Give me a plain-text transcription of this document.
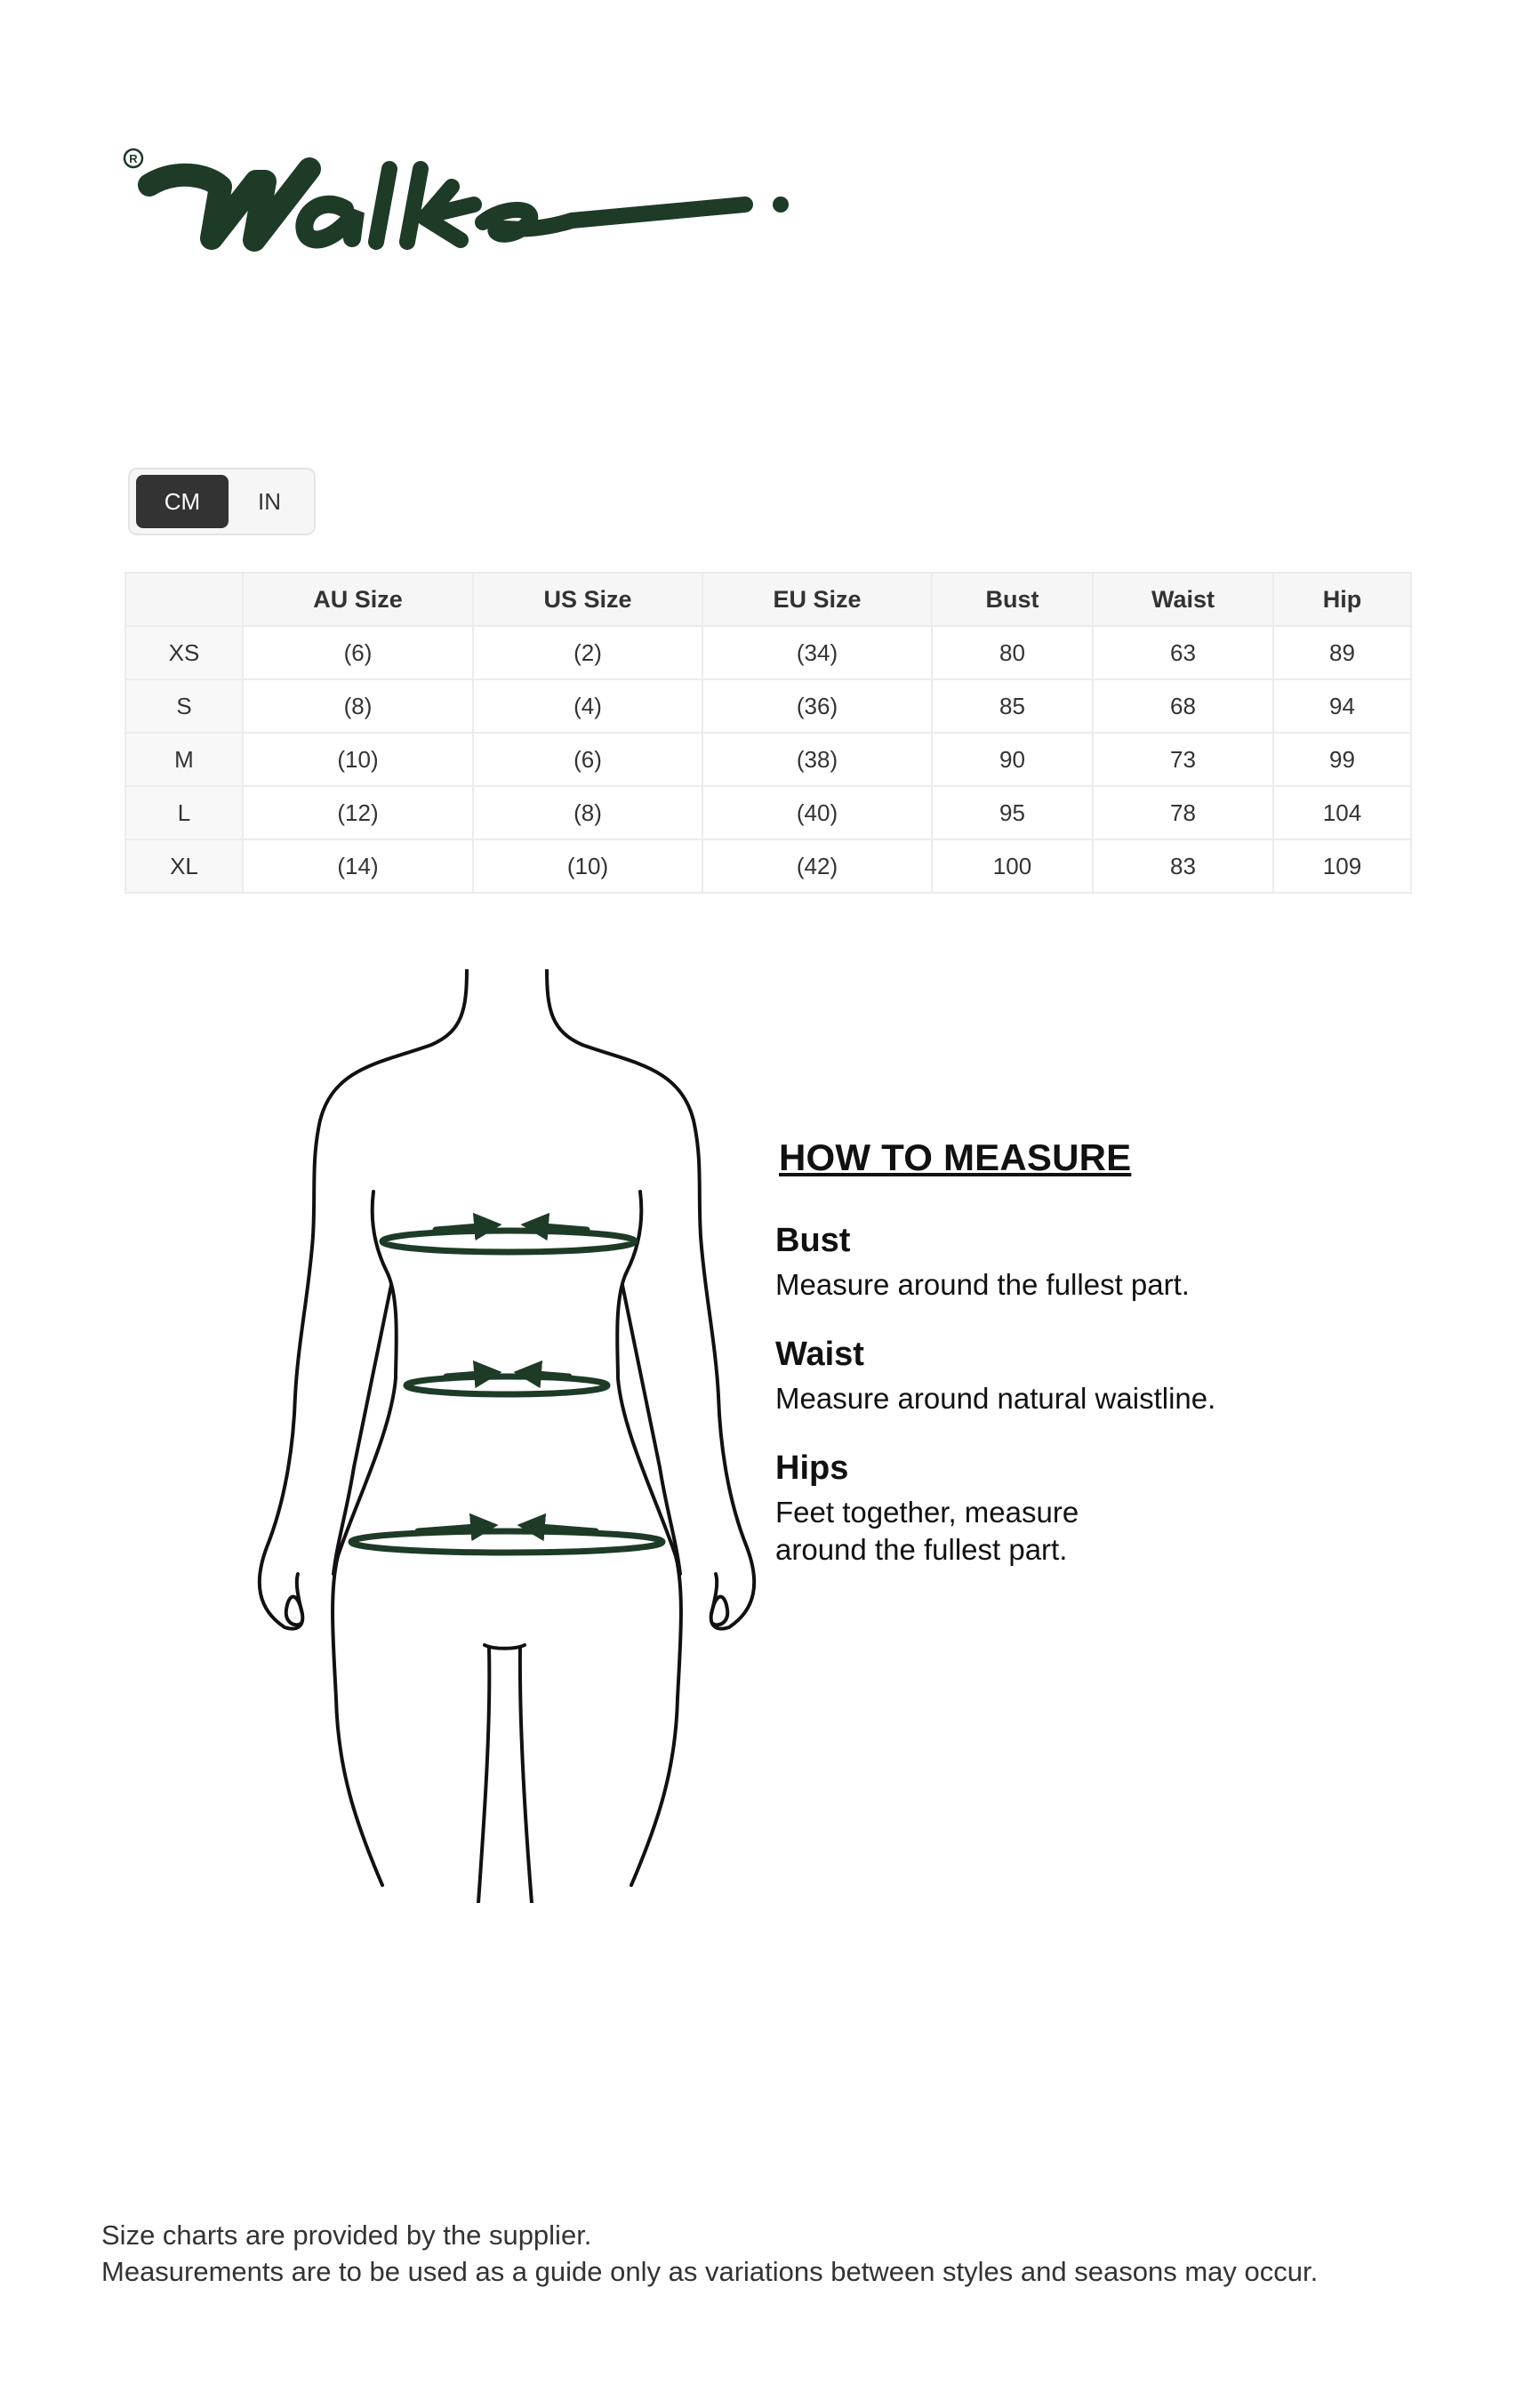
R
CM	IN
	AU Size	US Size	EU Size	Bust	Waist	Hip
XS	(6)	(2)	(34)	80	63	89
S	(8)	(4)	(36)	85	68	94
M	(10)	(6)	(38)	90	73	99
L	(12)	(8)	(40)	95	78	104
XL	(14)	(10)	(42)	100	83	109
HOW TO MEASURE
Bust
Measure around the fullest part.
Waist
Measure around natural waistline.
Hips
Feet together, measure
around the fullest part.
Size charts are provided by the supplier.
Measurements are to be used as a guide only as variations between styles and seasons may occur.
